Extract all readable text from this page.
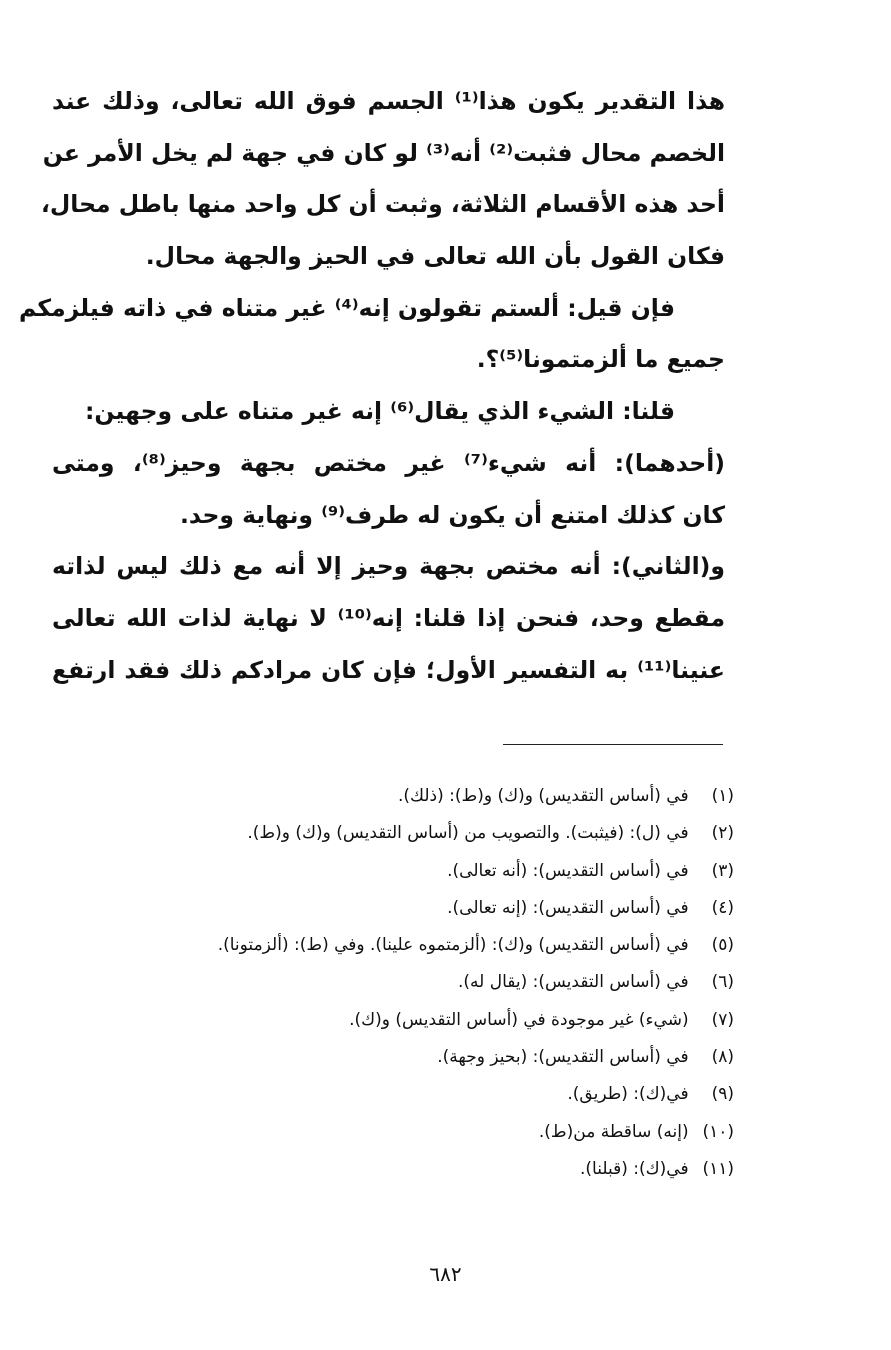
هذا التقدير يكون هذا⁽¹⁾ الجسم فوق الله تعالى، وذلك عند
الخصم محال فثبت⁽²⁾ أنه⁽³⁾ لو كان في جهة لم يخل الأمر عن
أحد هذه الأقسام الثلاثة، وثبت أن كل واحد منها باطل محال،
فكان القول بأن الله تعالى في الحيز والجهة محال.
فإن قيل: ألستم تقولون إنه⁽⁴⁾ غير متناه في ذاته فيلزمكم
جميع ما ألزمتمونا⁽⁵⁾؟.
قلنا: الشيء الذي يقال⁽⁶⁾ إنه غير متناه على وجهين:
(أحدهما): أنه شيء⁽⁷⁾ غير مختص بجهة وحيز⁽⁸⁾، ومتى
كان كذلك امتنع أن يكون له طرف⁽⁹⁾ ونهاية وحد.
و(الثاني): أنه مختص بجهة وحيز إلا أنه مع ذلك ليس لذاته
مقطع وحد، فنحن إذا قلنا: إنه⁽¹⁰⁾ لا نهاية لذات الله تعالى
عنينا⁽¹¹⁾ به التفسير الأول؛ فإن كان مرادكم ذلك فقد ارتفع
(١) في (أساس التقديس) و(ك) و(ط): (ذلك).
(٢) في (ل): (فيثبت). والتصويب من (أساس التقديس) و(ك) و(ط).
(٣) في (أساس التقديس): (أنه تعالى).
(٤) في (أساس التقديس): (إنه تعالى).
(٥) في (أساس التقديس) و(ك): (ألزمتموه علينا). وفي (ط): (ألزمتونا).
(٦) في (أساس التقديس): (يقال له).
(٧) (شيء) غير موجودة في (أساس التقديس) و(ك).
(٨) في (أساس التقديس): (بحيز وجهة).
(٩) في(ك): (طريق).
(١٠) (إنه) ساقطة من(ط).
(١١) في(ك): (قبلنا).
٦٨٢
